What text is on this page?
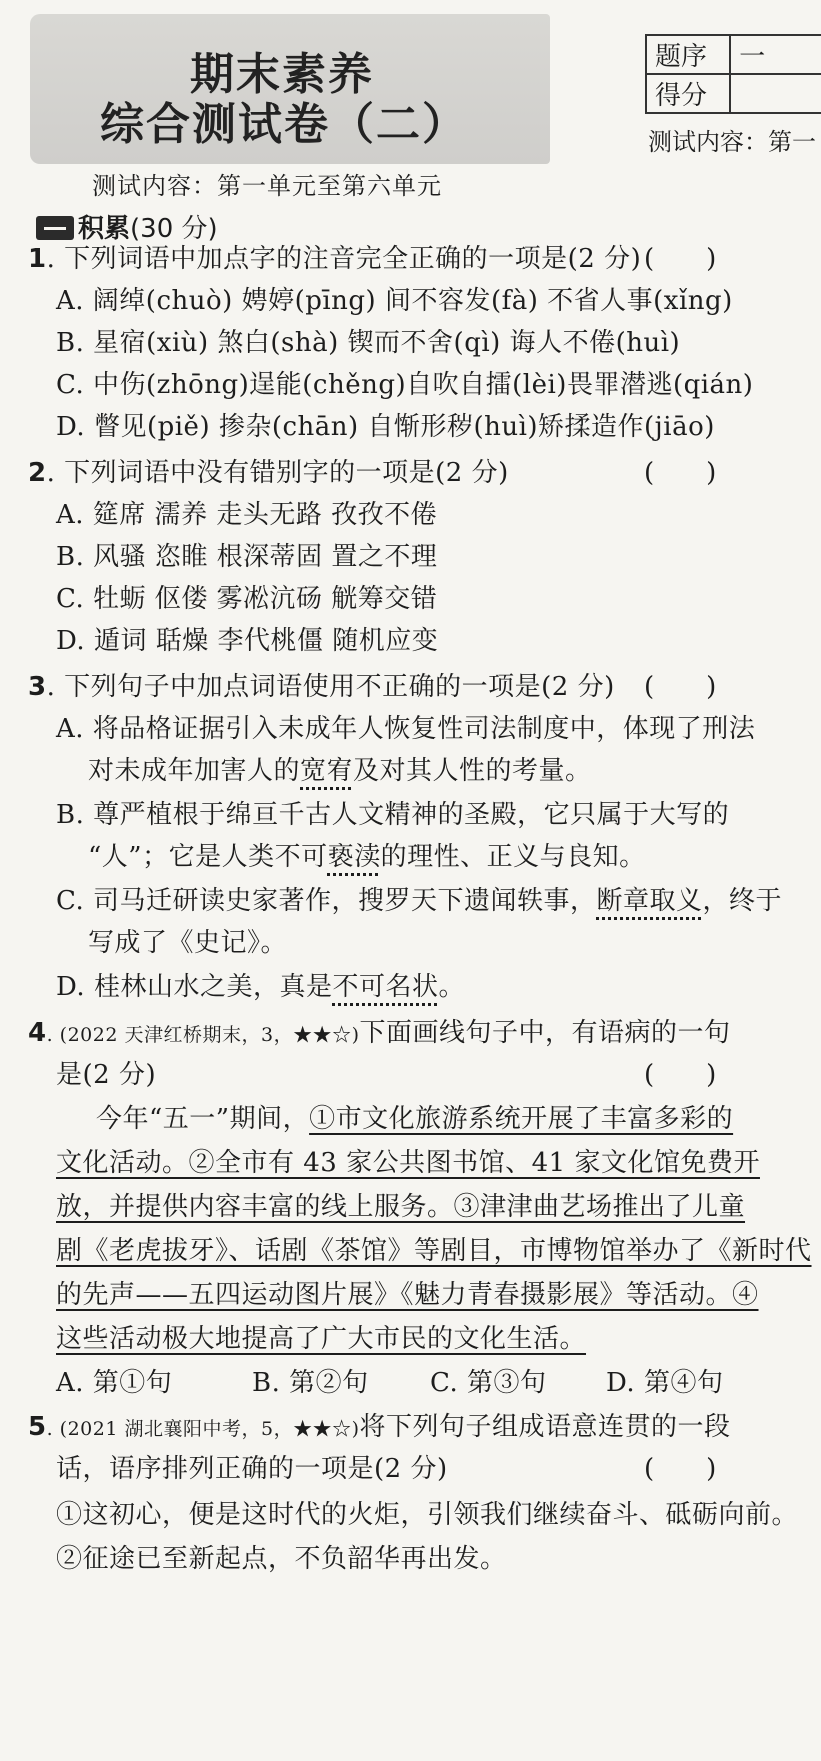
期末素养
综合测试卷（二）
题序	一
得分	
测试内容：第一
测试内容：第一单元至第六单元
积累(30 分)
1. 下列词语中加点字的注音完全正确的一项是(2 分) (　　)
A. 阔绰(chuò) 娉婷(pīng) 间不容发(fà) 不省人事(xǐng)
B. 星宿(xiù) 煞白(shà) 锲而不舍(qì) 诲人不倦(huì)
C. 中伤(zhōng)逞能(chěng)自吹自擂(lèi)畏罪潜逃(qián)
D. 瞥见(piě) 掺杂(chān) 自惭形秽(huì)矫揉造作(jiāo)
2. 下列词语中没有错别字的一项是(2 分)	(　　)
A. 筵席 濡养 走头无路 孜孜不倦
B. 风骚 恣睢 根深蒂固 置之不理
C. 牡蛎 伛偻 雾凇沆砀 觥筹交错
D. 遁词 聒燥 李代桃僵 随机应变
3. 下列句子中加点词语使用不正确的一项是(2 分) (　　)
A. 将品格证据引入未成年人恢复性司法制度中，体现了刑法
对未成年加害人的宽宥及对其人性的考量。
B. 尊严植根于绵亘千古人文精神的圣殿，它只属于大写的
“人”；它是人类不可亵渎的理性、正义与良知。
C. 司马迁研读史家著作，搜罗天下遗闻轶事，断章取义，终于
写成了《史记》。
D. 桂林山水之美，真是不可名状。
4. (2022 天津红桥期末，3，★★☆)下面画线句子中，有语病的一句
是(2 分)	(　　)
今年“五一”期间，①市文化旅游系统开展了丰富多彩的
文化活动。②全市有 43 家公共图书馆、41 家文化馆免费开
放，并提供内容丰富的线上服务。③津津曲艺场推出了儿童
剧《老虎拔牙》、话剧《茶馆》等剧目，市博物馆举办了《新时代
的先声——五四运动图片展》《魅力青春摄影展》等活动。④
这些活动极大地提高了广大市民的文化生活。
A. 第①句	B. 第②句 C. 第③句 D. 第④句
5. (2021 湖北襄阳中考，5，★★☆)将下列句子组成语意连贯的一段
话，语序排列正确的一项是(2 分)	(　　)
①这初心，便是这时代的火炬，引领我们继续奋斗、砥砺向前。
②征途已至新起点，不负韶华再出发。
